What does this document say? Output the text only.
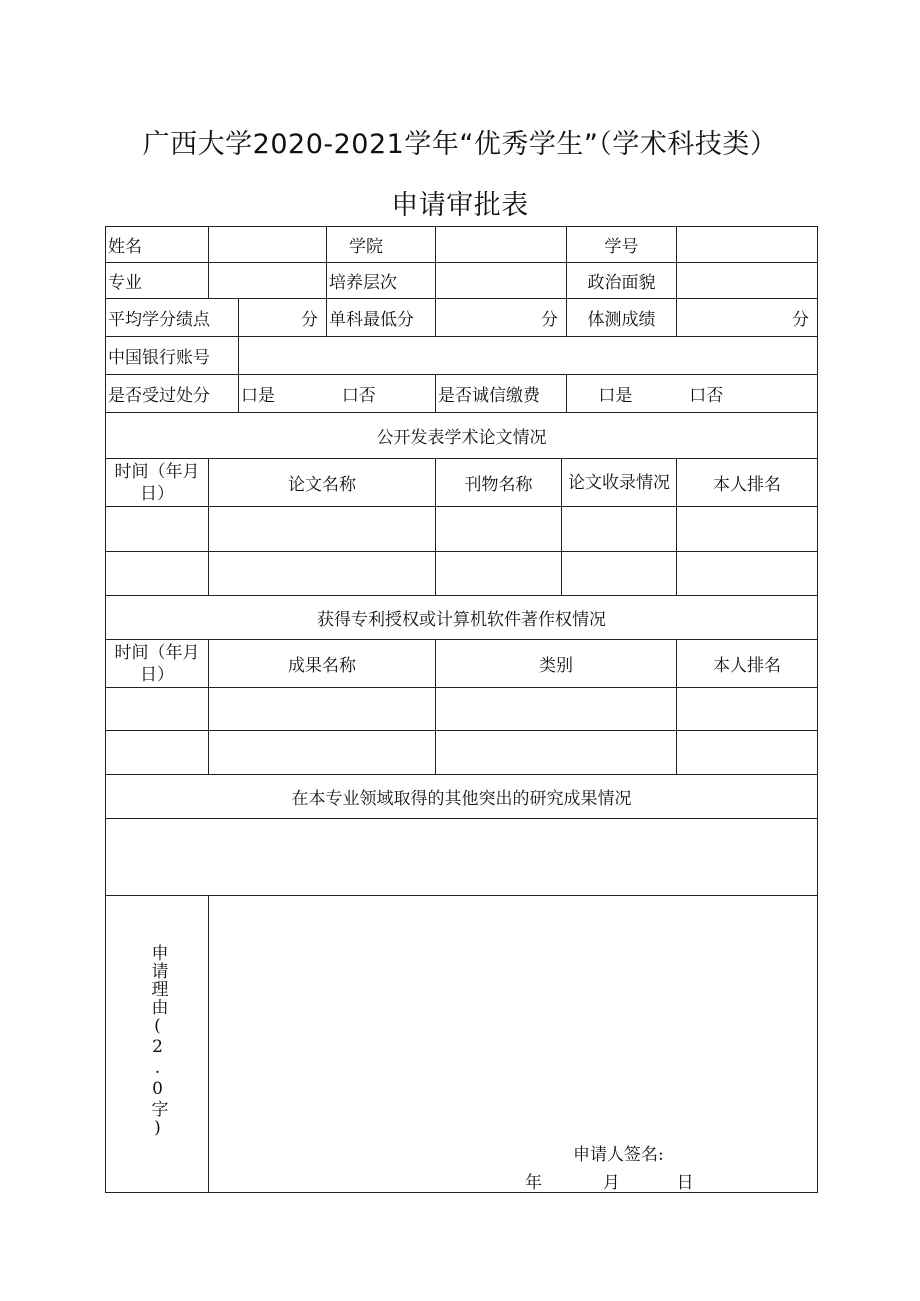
广西大学2020-2021学年“优秀学生”（学术科技类）
申请审批表
姓名			学院			学号	
专业			培养层次			政治面貌	
平均学分绩点		分	单科最低分	分		体测成绩	分
中国银行账号							
是否受过处分		口是 口否		是否诚信缴费		口是 口否	
公开发表学术论文情况							
时间（年月日）	论文名称			刊物名称	论文收录情况		本人排名

获得专利授权或计算机软件著作权情况							
时间（年月日）	成果名称			类别			本人排名

在本专业领域取得的其他突出的研究成果情况							

申请理由(2.0字)	申请人签名:
年 月 日						
